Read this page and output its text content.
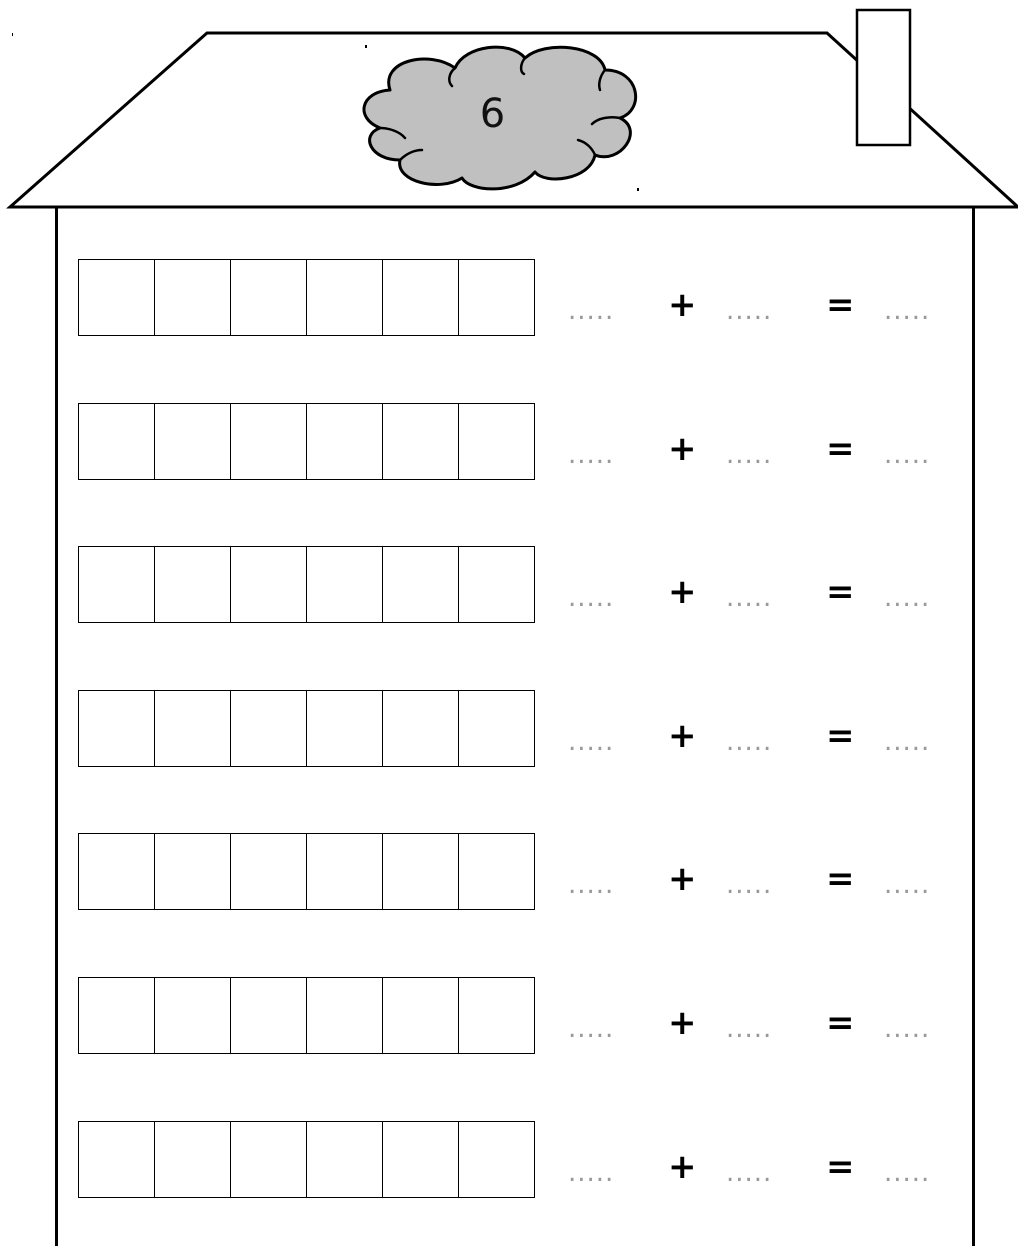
6
..... + ..... = .....
..... + ..... = .....
..... + ..... = .....
..... + ..... = .....
..... + ..... = .....
..... + ..... = .....
..... + ..... = .....
